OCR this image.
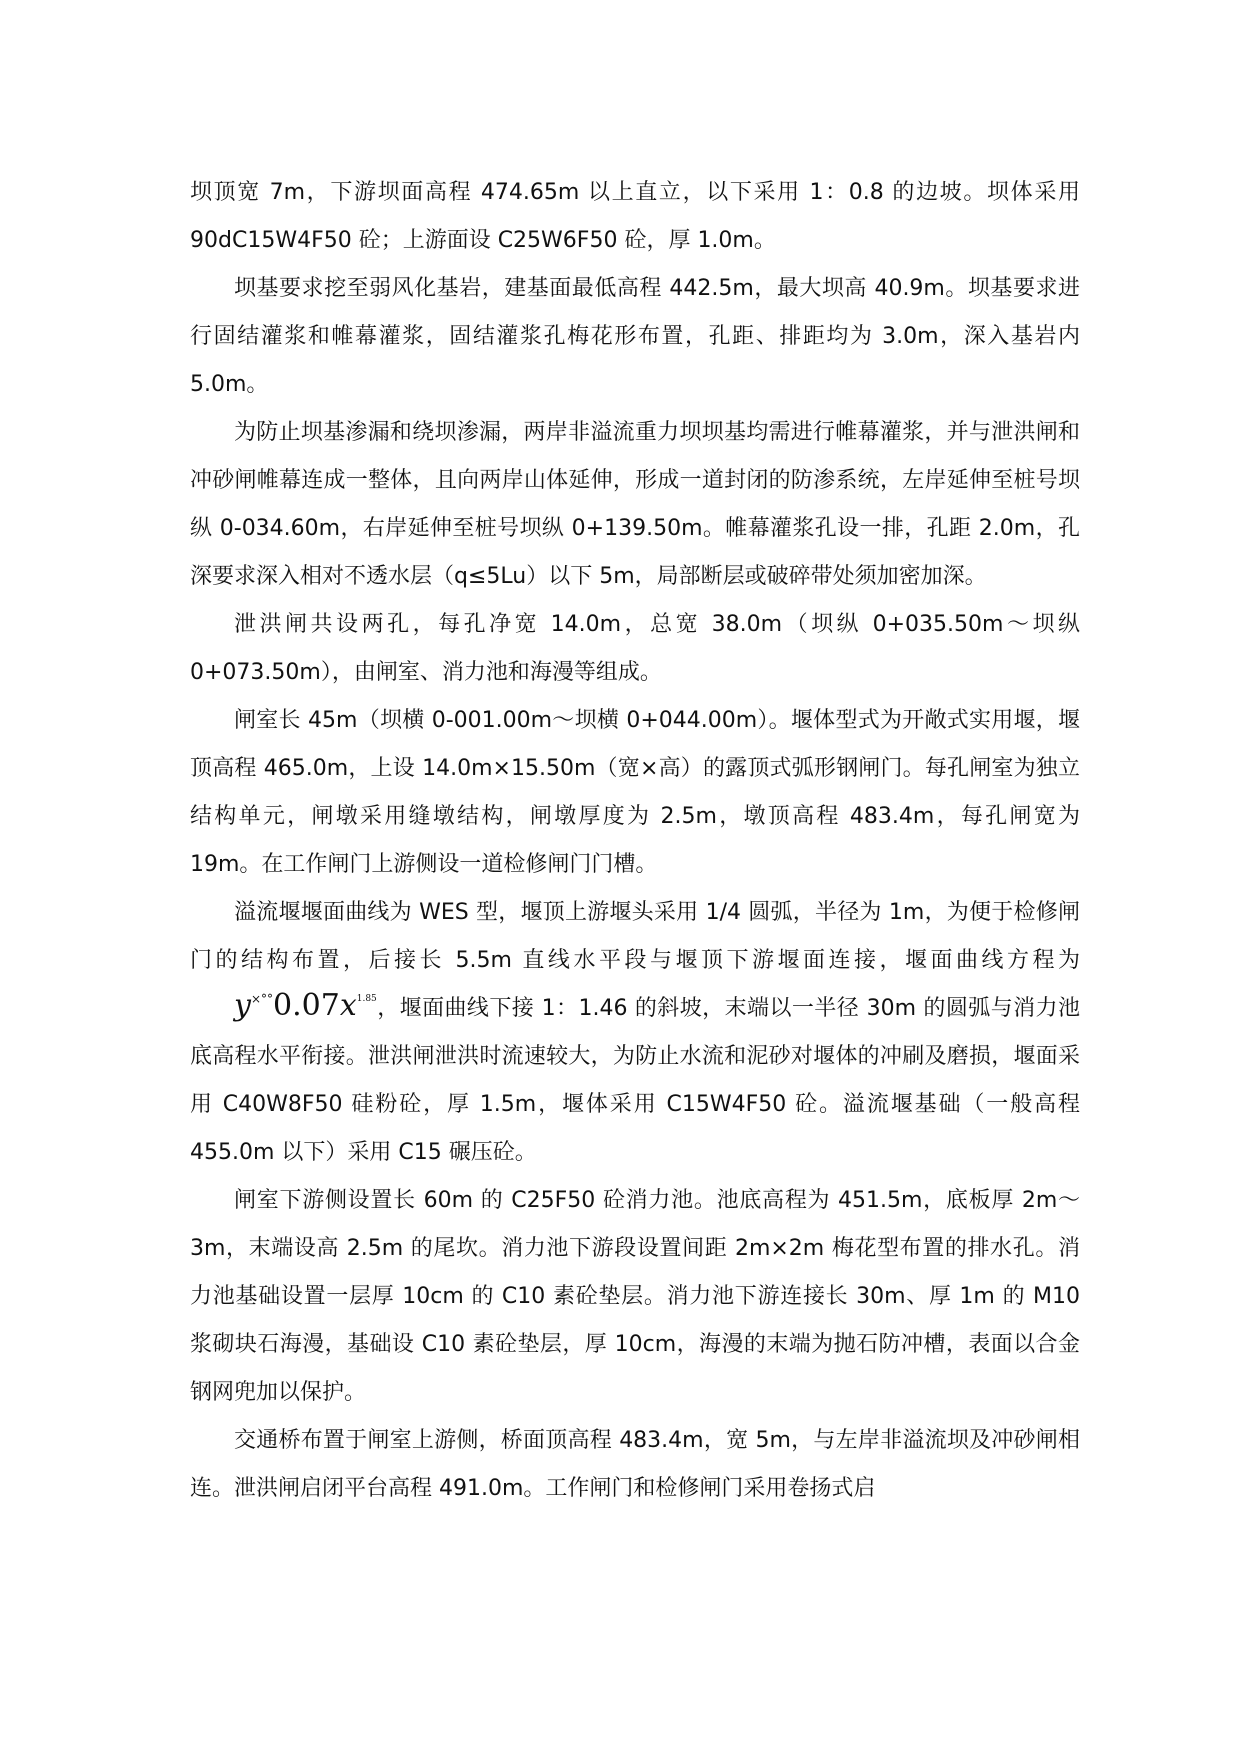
坝顶宽 7m，下游坝面高程 474.65m 以上直立，以下采用 1：0.8 的边坡。坝体采用 90dC15W4F50 砼；上游面设 C25W6F50 砼，厚 1.0m。

坝基要求挖至弱风化基岩，建基面最低高程 442.5m，最大坝高 40.9m。坝基要求进行固结灌浆和帷幕灌浆，固结灌浆孔梅花形布置，孔距、排距均为 3.0m，深入基岩内 5.0m。

为防止坝基渗漏和绕坝渗漏，两岸非溢流重力坝坝基均需进行帷幕灌浆，并与泄洪闸和冲砂闸帷幕连成一整体，且向两岸山体延伸，形成一道封闭的防渗系统，左岸延伸至桩号坝纵 0-034.60m，右岸延伸至桩号坝纵 0+139.50m。帷幕灌浆孔设一排，孔距 2.0m，孔深要求深入相对不透水层（q≤5Lu）以下 5m，局部断层或破碎带处须加密加深。

泄洪闸共设两孔，每孔净宽 14.0m，总宽 38.0m（坝纵 0+035.50m～坝纵 0+073.50m），由闸室、消力池和海漫等组成。

闸室长 45m（坝横 0-001.00m～坝横 0+044.00m）。堰体型式为开敞式实用堰，堰顶高程 465.0m，上设 14.0m×15.50m（宽×高）的露顶式弧形钢闸门。每孔闸室为独立结构单元，闸墩采用缝墩结构，闸墩厚度为 2.5m，墩顶高程 483.4m，每孔闸宽为 19m。在工作闸门上游侧设一道检修闸门门槽。

溢流堰堰面曲线为 WES 型，堰顶上游堰头采用 1/4 圆弧，半径为 1m，为便于检修闸门的结构布置，后接长 5.5m 直线水平段与堰顶下游堰面连接，堰面曲线方程为$y^{\times^\circ^\circ}0.07x^{1.85}$，堰面曲线下接 1：1.46 的斜坡，末端以一半径 30m 的圆弧与消力池底高程水平衔接。泄洪闸泄洪时流速较大，为防止水流和泥砂对堰体的冲刷及磨损，堰面采用 C40W8F50 硅粉砼，厚 1.5m，堰体采用 C15W4F50 砼。溢流堰基础（一般高程 455.0m 以下）采用 C15 碾压砼。

闸室下游侧设置长 60m 的 C25F50 砼消力池。池底高程为 451.5m，底板厚 2m～3m，末端设高 2.5m 的尾坎。消力池下游段设置间距 2m×2m 梅花型布置的排水孔。消力池基础设置一层厚 10cm 的 C10 素砼垫层。消力池下游连接长 30m、厚 1m 的 M10 浆砌块石海漫，基础设 C10 素砼垫层，厚 10cm，海漫的末端为抛石防冲槽，表面以合金钢网兜加以保护。

交通桥布置于闸室上游侧，桥面顶高程 483.4m，宽 5m，与左岸非溢流坝及冲砂闸相连。泄洪闸启闭平台高程 491.0m。工作闸门和检修闸门采用卷扬式启
